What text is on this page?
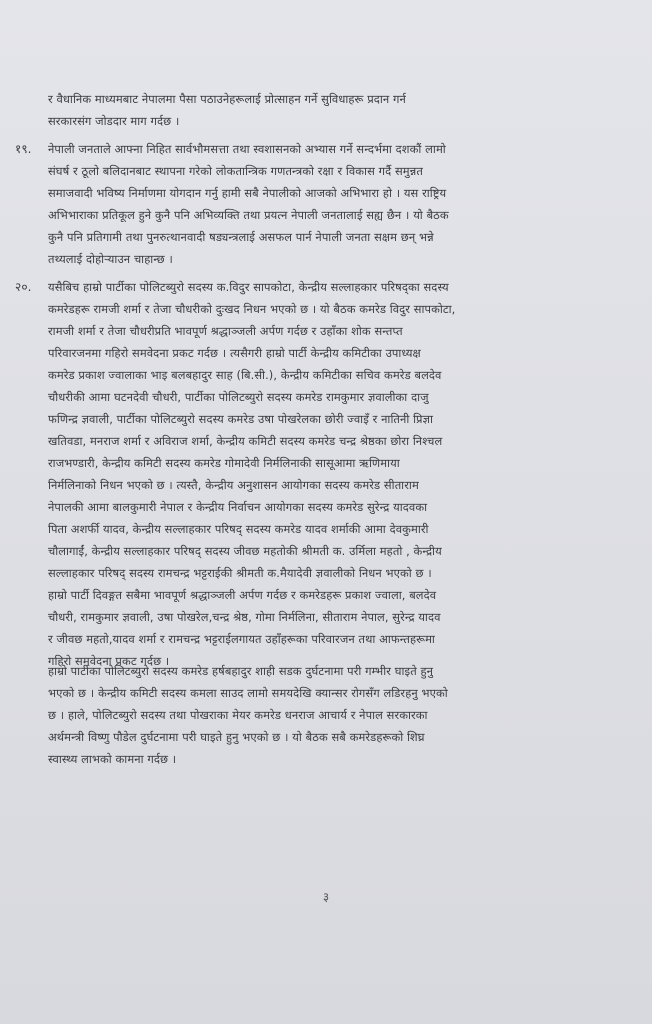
र वैधानिक माध्यमबाट नेपालमा पैसा पठाउनेहरूलाई प्रोत्साहन गर्ने सुविधाहरू प्रदान गर्न
सरकारसंग जोडदार माग गर्दछ ।
१९. नेपाली जनताले आफ्ना निहित सार्वभौमसत्ता तथा स्वशासनको अभ्यास गर्ने सन्दर्भमा दशकौं लामो
संघर्ष र ठूलो बलिदानबाट स्थापना गरेको लोकतान्त्रिक गणतन्त्रको रक्षा र विकास गर्दै समुन्नत
समाजवादी भविष्य निर्माणमा योगदान गर्नु हामी सबै नेपालीको आजको अभिभारा हो । यस राष्ट्रिय
अभिभाराका प्रतिकूल हुने कुनै पनि अभिव्यक्ति तथा प्रयत्न नेपाली जनतालाई सह्य छैन । यो बैठक
कुनै पनि प्रतिगामी तथा पुनरुत्थानवादी षड्यन्त्रलाई असफल पार्न नेपाली जनता सक्षम छन् भन्ने
तथ्यलाई दोहोऱ्याउन चाहान्छ ।
२०. यसैबिच हाम्रो पार्टीका पोलिटब्युरो सदस्य क.विदुर सापकोटा, केन्द्रीय सल्लाहकार परिषद्का सदस्य
कमरेडहरू रामजी शर्मा र तेजा चौधरीको दुःखद निधन भएको छ । यो बैठक कमरेड विदुर सापकोटा,
रामजी शर्मा र तेजा चौधरीप्रति भावपूर्ण श्रद्धाञ्जली अर्पण गर्दछ र उहाँका शोक सन्तप्त
परिवारजनमा गहिरो समवेदना प्रकट गर्दछ । त्यसैगरी हाम्रो पार्टी केन्द्रीय कमिटीका उपाध्यक्ष
कमरेड प्रकाश ज्वालाका भाइ बलबहादुर साह (बि.सी.), केन्द्रीय कमिटीका सचिव कमरेड बलदेव
चौधरीकी आमा घटनदेवी चौधरी, पार्टीका पोलिटब्युरो सदस्य कमरेड रामकुमार ज्ञवालीका दाजु
फणिन्द्र ज्ञवाली, पार्टीका पोलिटब्युरो सदस्य कमरेड उषा पोखरेलका छोरी ज्वाइँ र नातिनी प्रिज्ञा
खतिवडा, मनराज शर्मा र अविराज शर्मा, केन्द्रीय कमिटी सदस्य कमरेड चन्द्र श्रेष्ठका छोरा निश्चल
राजभण्डारी, केन्द्रीय कमिटी सदस्य कमरेड गोमादेवी निर्मलिनाकी सासूआमा ऋणिमाया
निर्मलिनाको निधन भएको छ । त्यस्तै, केन्द्रीय अनुशासन आयोगका सदस्य कमरेड सीताराम
नेपालकी आमा बालकुमारी नेपाल र केन्द्रीय निर्वाचन आयोगका सदस्य कमरेड सुरेन्द्र यादवका
पिता अशर्फी यादव, केन्द्रीय सल्लाहकार परिषद् सदस्य कमरेड यादव शर्माकी आमा देवकुमारी
चौलागाईं, केन्द्रीय सल्लाहकार परिषद् सदस्य जीवछ महतोकी श्रीमती क. उर्मिला महतो , केन्द्रीय
सल्लाहकार परिषद् सदस्य रामचन्द्र भट्टराईकी श्रीमती क.मैयादेवी ज्ञवालीको निधन भएको छ ।
हाम्रो पार्टी दिवङ्गत सबैमा भावपूर्ण श्रद्धाञ्जली अर्पण गर्दछ र कमरेडहरू प्रकाश ज्वाला, बलदेव
चौधरी, रामकुमार ज्ञवाली, उषा पोखरेल,चन्द्र श्रेष्ठ, गोमा निर्मलिना, सीताराम नेपाल, सुरेन्द्र यादव
र जीवछ महतो,यादव शर्मा र रामचन्द्र भट्टराईलगायत उहाँहरूका परिवारजन तथा आफन्तहरूमा
गहिरो समवेदना प्रकट गर्दछ ।
हाम्रो पार्टीका पोलिटब्युरो सदस्य कमरेड हर्षबहादुर शाही सडक दुर्घटनामा परी गम्भीर घाइते हुनु
भएको छ । केन्द्रीय कमिटी सदस्य कमला साउद लामो समयदेखि क्यान्सर रोगसँग लडिरहनु भएको
छ । हाले, पोलिटब्युरो सदस्य तथा पोखराका मेयर कमरेड धनराज आचार्य र नेपाल सरकारका
अर्थमन्त्री विष्णु पौडेल दुर्घटनामा परी घाइते हुनु भएको छ । यो बैठक सबै कमरेडहरूको शिघ्र
स्वास्थ्य लाभको कामना गर्दछ ।
३
